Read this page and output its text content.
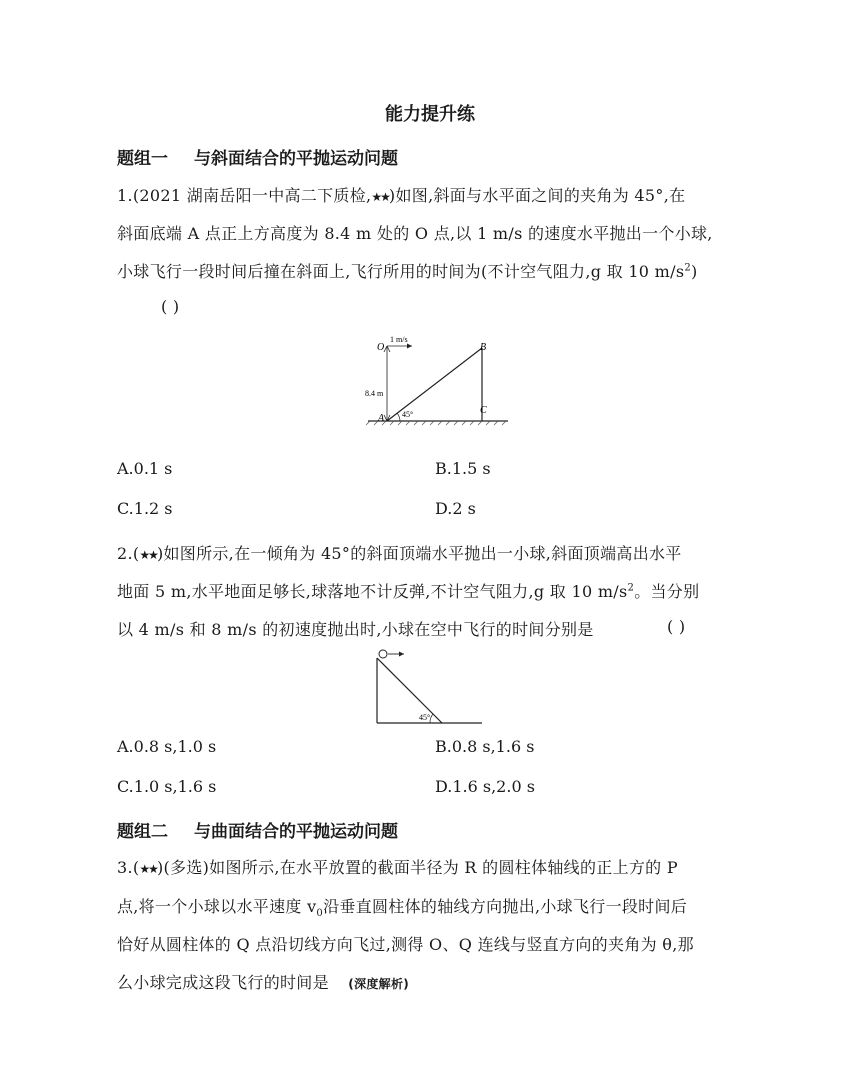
能力提升练
题组一 与斜面结合的平抛运动问题
1.(2021 湖南岳阳一中高二下质检,★★)如图,斜面与水平面之间的夹角为 45°,在
斜面底端 A 点正上方高度为 8.4 m 处的 O 点,以 1 m/s 的速度水平抛出一个小球,
小球飞行一段时间后撞在斜面上,飞行所用的时间为(不计空气阻力,g 取 10 $m/s^2$)
( )
O
1 m/s
8.4 m
A
B
C
45°
A.0.1 s	B.1.5 s
C.1.2 s	D.2 s
2.(★★)如图所示,在一倾角为 45°的斜面顶端水平抛出一小球,斜面顶端高出水平
地面 5 m,水平地面足够长,球落地不计反弹,不计空气阻力,g 取 10 $m/s^2$。当分别
以 4 m/s 和 8 m/s 的初速度抛出时,小球在空中飞行的时间分别是	( )
45°
A.0.8 s,1.0 s	B.0.8 s,1.6 s
C.1.0 s,1.6 s	D.1.6 s,2.0 s
题组二 与曲面结合的平抛运动问题
3.(★★)(多选)如图所示,在水平放置的截面半径为 R 的圆柱体轴线的正上方的 P
点,将一个小球以水平速度 $v_0$沿垂直圆柱体的轴线方向抛出,小球飞行一段时间后
恰好从圆柱体的 Q 点沿切线方向飞过,测得 O、Q 连线与竖直方向的夹角为 θ,那
么小球完成这段飞行的时间是 (深度解析)
